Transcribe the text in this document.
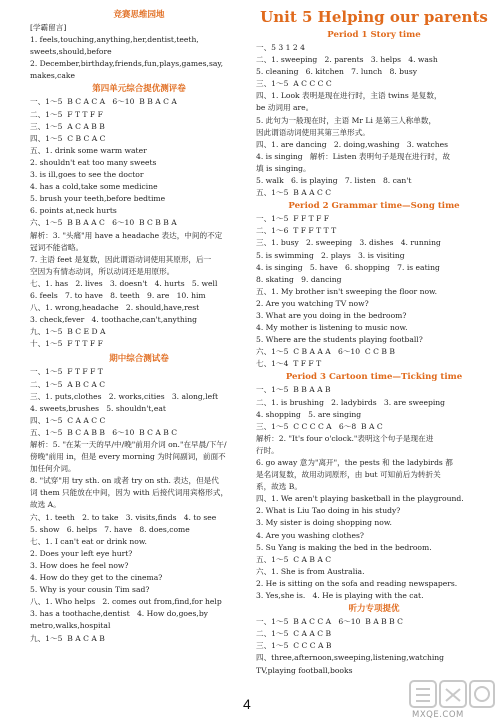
竞赛思维园地
[学霸留言]
1. feels,touching,anything,her,dentist,teeth,
sweets,should,before
2. December,birthday,friends,fun,plays,games,say,
makes,cake
第四单元综合提优测评卷
一、1～5  B C A C A   6～10  B B A C A
二、1～5  F T T F F
三、1～5  A C A B B
四、1～5  C B C A C
五、1. drink some warm water
2. shouldn't eat too many sweets
3. is ill,goes to see the doctor
4. has a cold,take some medicine
5. brush your teeth,before bedtime
6. points at,neck hurts
六、1～5  B B A A C   6～10  B C B B A
解析：3. "头痛"用 have a headache 表达，中间的不定
冠词不能省略。
7. 主语 feet 是复数，因此谓语动词使用其原形，后一
空因为有情态动词，所以动词还是用原形。
七、1. has   2. lives   3. doesn't   4. hurts   5. well
6. feels   7. to have   8. teeth   9. are   10. him
八、1. wrong,headache   2. should,have,rest
3. check,fever   4. toothache,can't,anything
九、1～5  B C E D A
十、1～5  F T T F F
期中综合测试卷
一、1～5  F T F F T
二、1～5  A B C A C
三、1. puts,clothes   2. works,cities   3. along,left
4. sweets,brushes   5. shouldn't,eat
四、1～5  C A A C C
五、1～5  B C A B B   6～10  B C A B C
解析：5. "在某一天的早/中/晚"前用介词 on."在早晨/下午/
傍晚"前用 in，但是 every morning 为时间副词，前面不
加任何介词。
8. "试穿"用 try sth. on 或者 try on sth. 表达，但是代
词 them 只能放在中间，因为 with 后接代词用宾格形式，
故选 A。
六、1. teeth   2. to take   3. visits,finds   4. to see
5. show   6. helps   7. have   8. does,come
七、1. I can't eat or drink now.
2. Does your left eye hurt?
3. How does he feel now?
4. How do they get to the cinema?
5. Why is your cousin Tim sad?
八、1. Who helps   2. comes out from,find,for help
3. has a toothache,dentist   4. How do,goes,by
metro,walks,hospital
九、1～5  B A C A B
Unit 5 Helping our parents
Period 1 Story time
一、5 3 1 2 4
二、1. sweeping   2. parents   3. helps   4. wash
5. cleaning   6. kitchen   7. lunch   8. busy
三、1～5  A C C C C
四、1. Look 表明是现在进行时，主语 twins 是复数，
be 动词用 are。
5. 此句为一般现在时，主语 Mr Li 是第三人称单数，
因此谓语动词使用其第三单形式。
四、1. are dancing   2. doing,washing   3. watches
4. is singing   解析：Listen 表明句子是现在进行时，故
填 is singing。
5. walk   6. is playing   7. listen   8. can't
五、1～5  B A A C C
Period 2 Grammar time—Song time
一、1～5  F F T F F
二、1～6  T F F T T T
三、1. busy   2. sweeping   3. dishes   4. running
5. is swimming   2. plays   3. is visiting
4. is singing   5. have   6. shopping   7. is eating
8. skating   9. dancing
五、1. My brother isn't sweeping the floor now.
2. Are you watching TV now?
3. What are you doing in the bedroom?
4. My mother is listening to music now.
5. Where are the students playing football?
六、1～5  C B A A A   6～10  C C B B
七、1～4  T F F T
Period 3 Cartoon time—Ticking time
一、1～5  B B A A B
二、1. is brushing   2. ladybirds   3. are sweeping
4. shopping   5. are singing
三、1～5  C C C C A   6～8  B A C
解析：2. "It's four o'clock."表明这个句子是现在进
行时。
6. go away 意为"离开"，the pests 和 the ladybirds 都
是名词复数，故用动词原形，由 but 可知前后为转折关
系，故选 B。
四、1. We aren't playing basketball in the playground.
2. What is Liu Tao doing in his study?
3. My sister is doing shopping now.
4. Are you washing clothes?
5. Su Yang is making the bed in the bedroom.
五、1～5  C A B A C
六、1. She is from Australia.
2. He is sitting on the sofa and reading newspapers.
3. Yes,she is.   4. He is playing with the cat.
听力专项提优
一、1～5  B A C C A   6～10  B A B B C
二、1～5  C A A C B
三、1～5  C C C A B
四、three,afternoon,sweeping,listening,watching
TV,playing football,books
4
MXQE.COM
